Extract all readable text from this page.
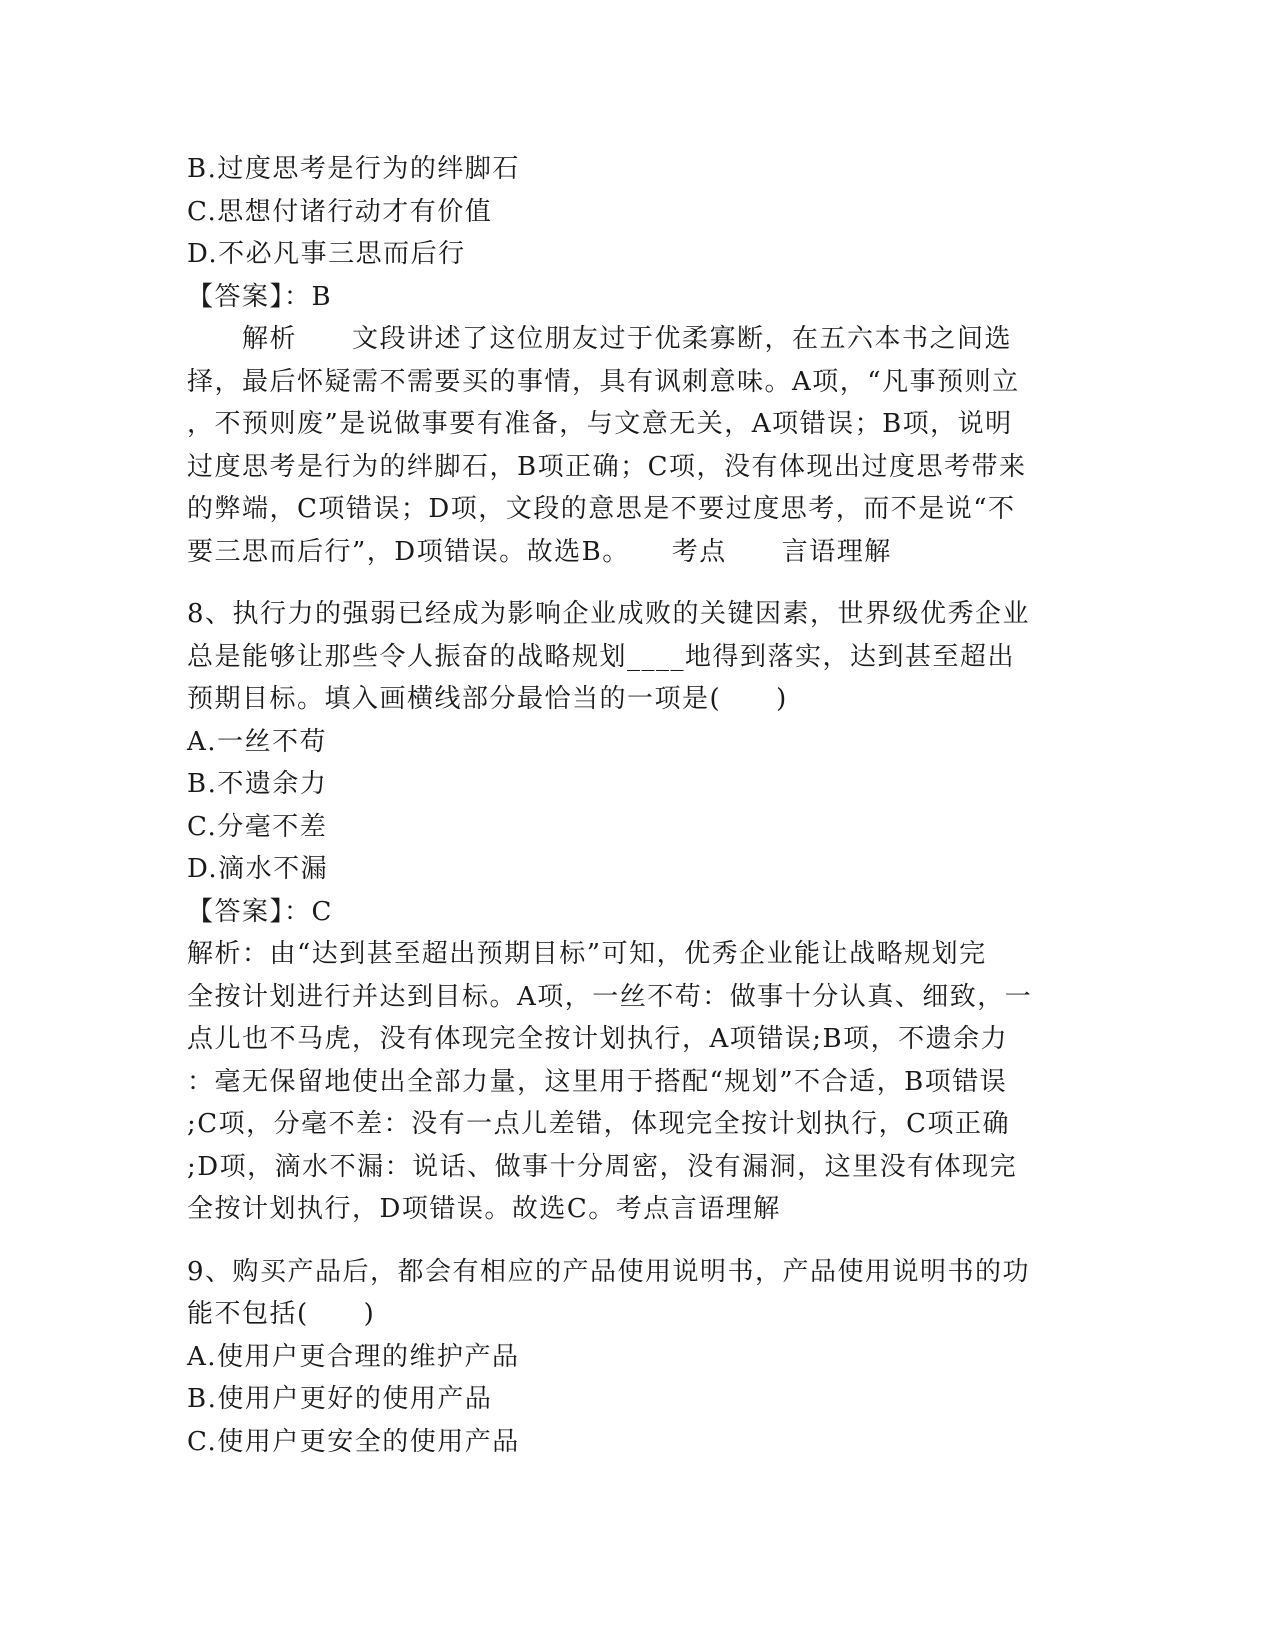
B.过度思考是行为的绊脚石
C.思想付诸行动才有价值
D.不必凡事三思而后行
【答案】：B
　　解析　　文段讲述了这位朋友过于优柔寡断，在五六本书之间选
择，最后怀疑需不需要买的事情，具有讽刺意味。A项，“凡事预则立
，不预则废”是说做事要有准备，与文意无关，A项错误；B项，说明
过度思考是行为的绊脚石，B项正确；C项，没有体现出过度思考带来
的弊端，C项错误；D项，文段的意思是不要过度思考，而不是说“不
要三思而后行”，D项错误。故选B。　　考点　　言语理解
8、执行力的强弱已经成为影响企业成败的关键因素，世界级优秀企业
总是能够让那些令人振奋的战略规划____地得到落实，达到甚至超出
预期目标。填入画横线部分最恰当的一项是(　　)
A.一丝不苟
B.不遗余力
C.分毫不差
D.滴水不漏
【答案】：C
解析：由“达到甚至超出预期目标”可知，优秀企业能让战略规划完
全按计划进行并达到目标。A项，一丝不苟：做事十分认真、细致，一
点儿也不马虎，没有体现完全按计划执行，A项错误;B项，不遗余力
：毫无保留地使出全部力量，这里用于搭配“规划”不合适，B项错误
;C项，分毫不差：没有一点儿差错，体现完全按计划执行，C项正确
;D项，滴水不漏：说话、做事十分周密，没有漏洞，这里没有体现完
全按计划执行，D项错误。故选C。考点言语理解
9、购买产品后，都会有相应的产品使用说明书，产品使用说明书的功
能不包括(　　)
A.使用户更合理的维护产品
B.使用户更好的使用产品
C.使用户更安全的使用产品
